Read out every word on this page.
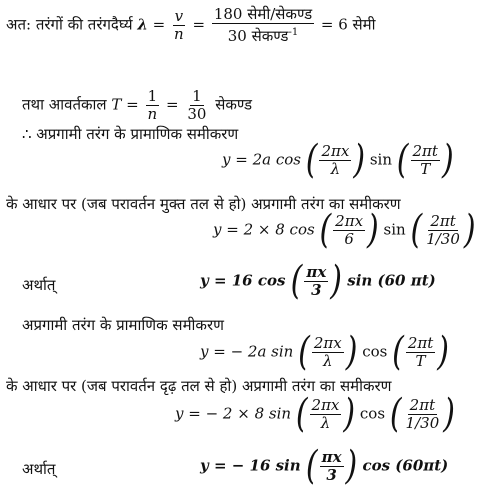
अत: तरंगों की तरंगदैर्घ्य $\lambda = \frac{v}{n} = \frac{\text{180 सेमी/सेकण्ड}}{30 सेकण्ड^{-1}} = 6$ सेमी
तथा आवर्तकाल $T = \frac{1}{n} = \frac{1}{30}$ सेकण्ड
∴ अप्रगामी तरंग के प्रामाणिक समीकरण
y = 2a cos ( $\frac{2\pi x}{\lambda}$ ) sin ( $\frac{2\pi t}{T}$ )
के आधार पर (जब परावर्तन मुक्त तल से हो) अप्रगामी तरंग का समीकरण
y = 2 × 8 cos ( $\frac{2\pi x}{6}$ ) sin ( $\frac{2\pi t}{1/30}$ )
अर्थात्	y = 16 cos ( $\frac{\pi x}{3}$ ) sin (60 πt)
अप्रगामी तरंग के प्रामाणिक समीकरण
y = − 2a sin ( $\frac{2\pi x}{\lambda}$ ) cos ( $\frac{2\pi t}{T}$ )
के आधार पर (जब परावर्तन दृढ़ तल से हो) अप्रगामी तरंग का समीकरण
y = − 2 × 8 sin ( $\frac{2\pi x}{\lambda}$ ) cos ( $\frac{2\pi t}{1/30}$ )
अर्थात्	y = − 16 sin ( $\frac{\pi x}{3}$ ) cos (60πt)
